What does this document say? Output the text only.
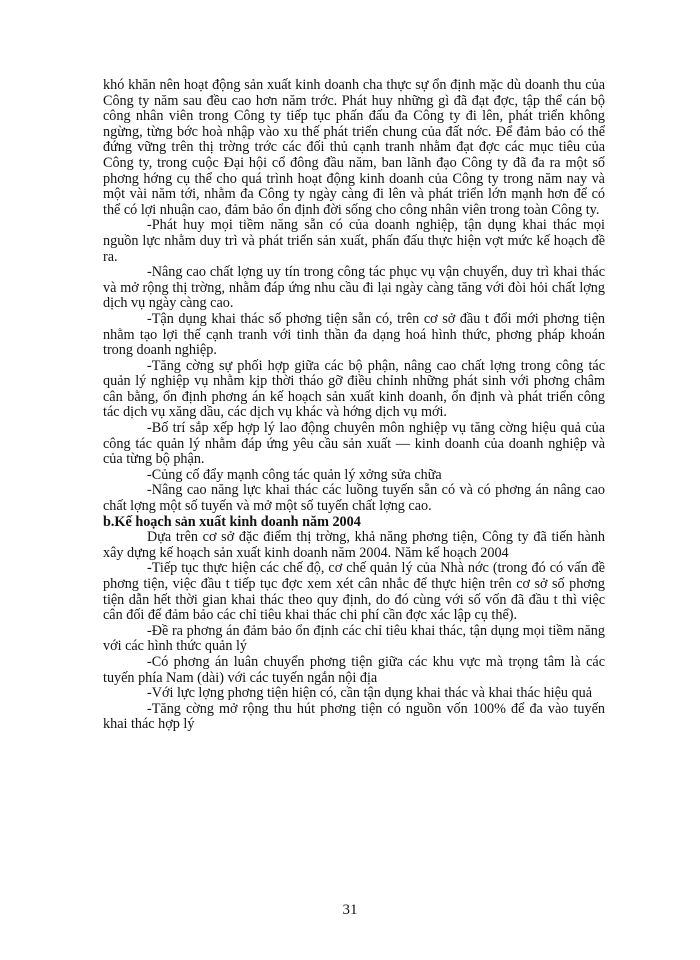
khó khăn nên hoạt động sản xuất kinh doanh cha thực sự ổn định mặc dù doanh thu của Công ty năm sau đều cao hơn năm trớc. Phát huy những gì đã đạt đợc, tập thể cán bộ công nhân viên trong Công ty tiếp tục phấn đấu đa Công ty đi lên, phát triển không ngừng, từng bớc hoà nhập vào xu thế phát triển chung của đất nớc. Để đảm bảo có thể đứng vững trên thị trờng trớc các đối thủ cạnh tranh nhằm đạt đợc các mục tiêu của Công ty, trong cuộc Đại hội cổ đông đầu năm, ban lãnh đạo Công ty đã đa ra một số phơng hớng cụ thể cho quá trình hoạt động kinh doanh của Công ty trong năm nay và một vài năm tới, nhằm đa Công ty ngày càng đi lên và phát triển lớn mạnh hơn để có thể có lợi nhuận cao, đảm bảo ổn định đời sống cho công nhân viên trong toàn Công ty.

-Phát huy mọi tiềm năng sẵn có của doanh nghiệp, tận dụng khai thác mọi nguồn lực nhằm duy trì và phát triển sản xuất, phấn đấu thực hiện vợt mức kế hoạch đề ra.

-Nâng cao chất lợng uy tín trong công tác phục vụ vận chuyển, duy trì khai thác và mở rộng thị trờng, nhằm đáp ứng nhu cầu đi lại ngày càng tăng với đòi hỏi chất lợng dịch vụ ngày càng cao.

-Tận dụng khai thác số phơng tiện sẵn có, trên cơ sở đầu t đổi mới phơng tiện nhằm tạo lợi thế cạnh tranh với tinh thần đa dạng hoá hình thức, phơng pháp khoán trong doanh nghiệp.

-Tăng cờng sự phối hợp giữa các bộ phận, nâng cao chất lợng trong công tác quản lý nghiệp vụ nhằm kịp thời tháo gỡ điều chỉnh những phát sinh với phơng châm cân bằng, ổn định phơng án kế hoạch sản xuất kinh doanh, ổn định và phát triển công tác dịch vụ xăng dầu, các dịch vụ khác và hớng dịch vụ mới.

-Bố trí sắp xếp hợp lý lao động chuyên môn nghiệp vụ tăng cờng hiệu quả của công tác quản lý nhằm đáp ứng yêu cầu sản xuất — kinh doanh của doanh nghiệp và của từng bộ phận.

-Củng cố đẩy mạnh công tác quản lý xởng sửa chữa

-Nâng cao năng lực khai thác các luồng tuyến sẵn có và có phơng án nâng cao chất lợng một số tuyến và mở một số tuyến chất lợng cao.

b.Kế hoạch sản xuất kinh doanh năm 2004

Dựa trên cơ sở đặc điểm thị trờng, khả năng phơng tiện, Công ty đã tiến hành xây dựng kế hoạch sản xuất kinh doanh năm 2004. Năm kế hoạch 2004

-Tiếp tục thực hiện các chế độ, cơ chế quản lý của Nhà nớc (trong đó có vấn đề phơng tiện, việc đầu t tiếp tục đợc xem xét cân nhắc để thực hiện trên cơ sở số phơng tiện dẫn hết thời gian khai thác theo quy định, do đó cùng với số vốn đã đầu t thì việc cân đối để đảm bảo các chỉ tiêu khai thác chi phí cần đợc xác lập cụ thể).

-Đề ra phơng án đảm bảo ổn định các chỉ tiêu khai thác, tận dụng mọi tiềm năng với các hình thức quản lý

-Có phơng án luân chuyển phơng tiện giữa các khu vực mà trọng tâm là các tuyến phía Nam (dài) với các tuyến ngắn nội địa

-Với lực lợng phơng tiện hiện có, cần tận dụng khai thác và khai thác hiệu quả

-Tăng cờng mở rộng thu hút phơng tiện có nguồn vốn 100% để đa vào tuyến khai thác hợp lý

31
